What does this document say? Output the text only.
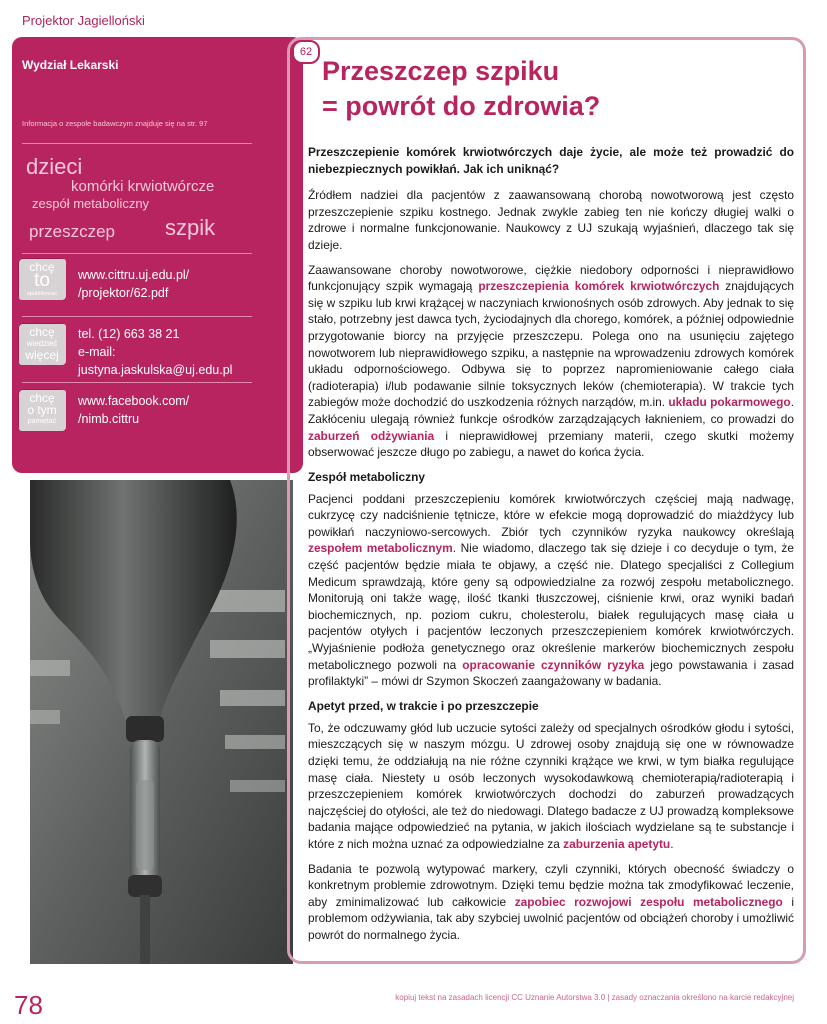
Projektor Jagielloński
Wydział Lekarski
Informacja o zespole badawczym znajduje się na str. 97
dzieci
komórki krwiotwórcze
zespół metaboliczny
przeszczep szpik
chcę
to
opublikować
www.cittru.uj.edu.pl/
/projektor/62.pdf
chcę
wiedzieć
więcej
tel. (12) 663 38 21
e-mail:
justyna.jaskulska@uj.edu.pl
chcę
o tym
pamiętać
www.facebook.com/
/nimb.cittru
62
Przeszczep szpiku
= powrót do zdrowia?

Przeszczepienie komórek krwiotwórczych daje życie, ale może też prowadzić do niebezpiecznych powikłań. Jak ich uniknąć?

Źródłem nadziei dla pacjentów z zaawansowaną chorobą nowotworową jest często przeszczepienie szpiku kostnego. Jednak zwykle zabieg ten nie kończy długiej walki o zdrowe i normalne funkcjonowanie. Naukowcy z UJ szukają wyjaśnień, dlaczego tak się dzieje.

Zaawansowane choroby nowotworowe, ciężkie niedobory odporności i nieprawidłowo funkcjonujący szpik wymagają przeszczepienia komórek krwiotwórczych znajdujących się w szpiku lub krwi krążącej w naczyniach krwionośnych osób zdrowych. Aby jednak to się stało, potrzebny jest dawca tych, życiodajnych dla chorego, komórek, a później odpowiednie przygotowanie biorcy na przyjęcie przeszczepu. Polega ono na usunięciu zajętego nowotworem lub nieprawidłowego szpiku, a następnie na wprowadzeniu zdrowych komórek układu odpornościowego. Odbywa się to poprzez napromieniowanie całego ciała (radioterapia) i/lub podawanie silnie toksycznych leków (chemioterapia). W trakcie tych zabiegów może dochodzić do uszkodzenia różnych narządów, m.in. układu pokarmowego. Zakłóceniu ulegają również funkcje ośrodków zarządzających łaknieniem, co prowadzi do zaburzeń odżywiania i nieprawidłowej przemiany materii, czego skutki możemy obserwować jeszcze długo po zabiegu, a nawet do końca życia.

Zespół metaboliczny

Pacjenci poddani przeszczepieniu komórek krwiotwórczych częściej mają nadwagę, cukrzycę czy nadciśnienie tętnicze, które w efekcie mogą doprowadzić do miażdżycy lub powikłań naczyniowo-sercowych. Zbiór tych czynników ryzyka naukowcy określają zespołem metabolicznym. Nie wiadomo, dlaczego tak się dzieje i co decyduje o tym, że część pacjentów będzie miała te objawy, a część nie. Dlatego specjaliści z Collegium Medicum sprawdzają, które geny są odpowiedzialne za rozwój zespołu metabolicznego. Monitorują oni także wagę, ilość tkanki tłuszczowej, ciśnienie krwi, oraz wyniki badań biochemicznych, np. poziom cukru, cholesterolu, białek regulujących masę ciała u pacjentów otyłych i pacjentów leczonych przeszczepieniem komórek krwiotwórczych. „Wyjaśnienie podłoża genetycznego oraz określenie markerów biochemicznych zespołu metabolicznego pozwoli na opracowanie czynników ryzyka jego powstawania i zasad profilaktyki” – mówi dr Szymon Skoczeń zaangażowany w badania.

Apetyt przed, w trakcie i po przeszczepie

To, że odczuwamy głód lub uczucie sytości zależy od specjalnych ośrodków głodu i sytości, mieszczących się w naszym mózgu. U zdrowej osoby znajdują się one w równowadze dzięki temu, że oddziałują na nie różne czynniki krążące we krwi, w tym białka regulujące masę ciała. Niestety u osób leczonych wysokodawkową chemioterapią/radioterapią i przeszczepieniem komórek krwiotwórczych dochodzi do zaburzeń prowadzących najczęściej do otyłości, ale też do niedowagi. Dlatego badacze z UJ prowadzą kompleksowe badania mające odpowiedzieć na pytania, w jakich ilościach wydzielane są te substancje i które z nich można uznać za odpowiedzialne za zaburzenia apetytu.

Badania te pozwolą wytypować markery, czyli czynniki, których obecność świadczy o konkretnym problemie zdrowotnym. Dzięki temu będzie można tak zmodyfikować leczenie, aby zminimalizować lub całkowicie zapobiec rozwojowi zespołu metabolicznego i problemom odżywiania, tak aby szybciej uwolnić pacjentów od obciążeń choroby i umożliwić powrót do normalnego życia.

78	kopiuj tekst na zasadach licencji CC Uznanie Autorstwa 3.0 | zasady oznaczania określono na karcie redakcyjnej
